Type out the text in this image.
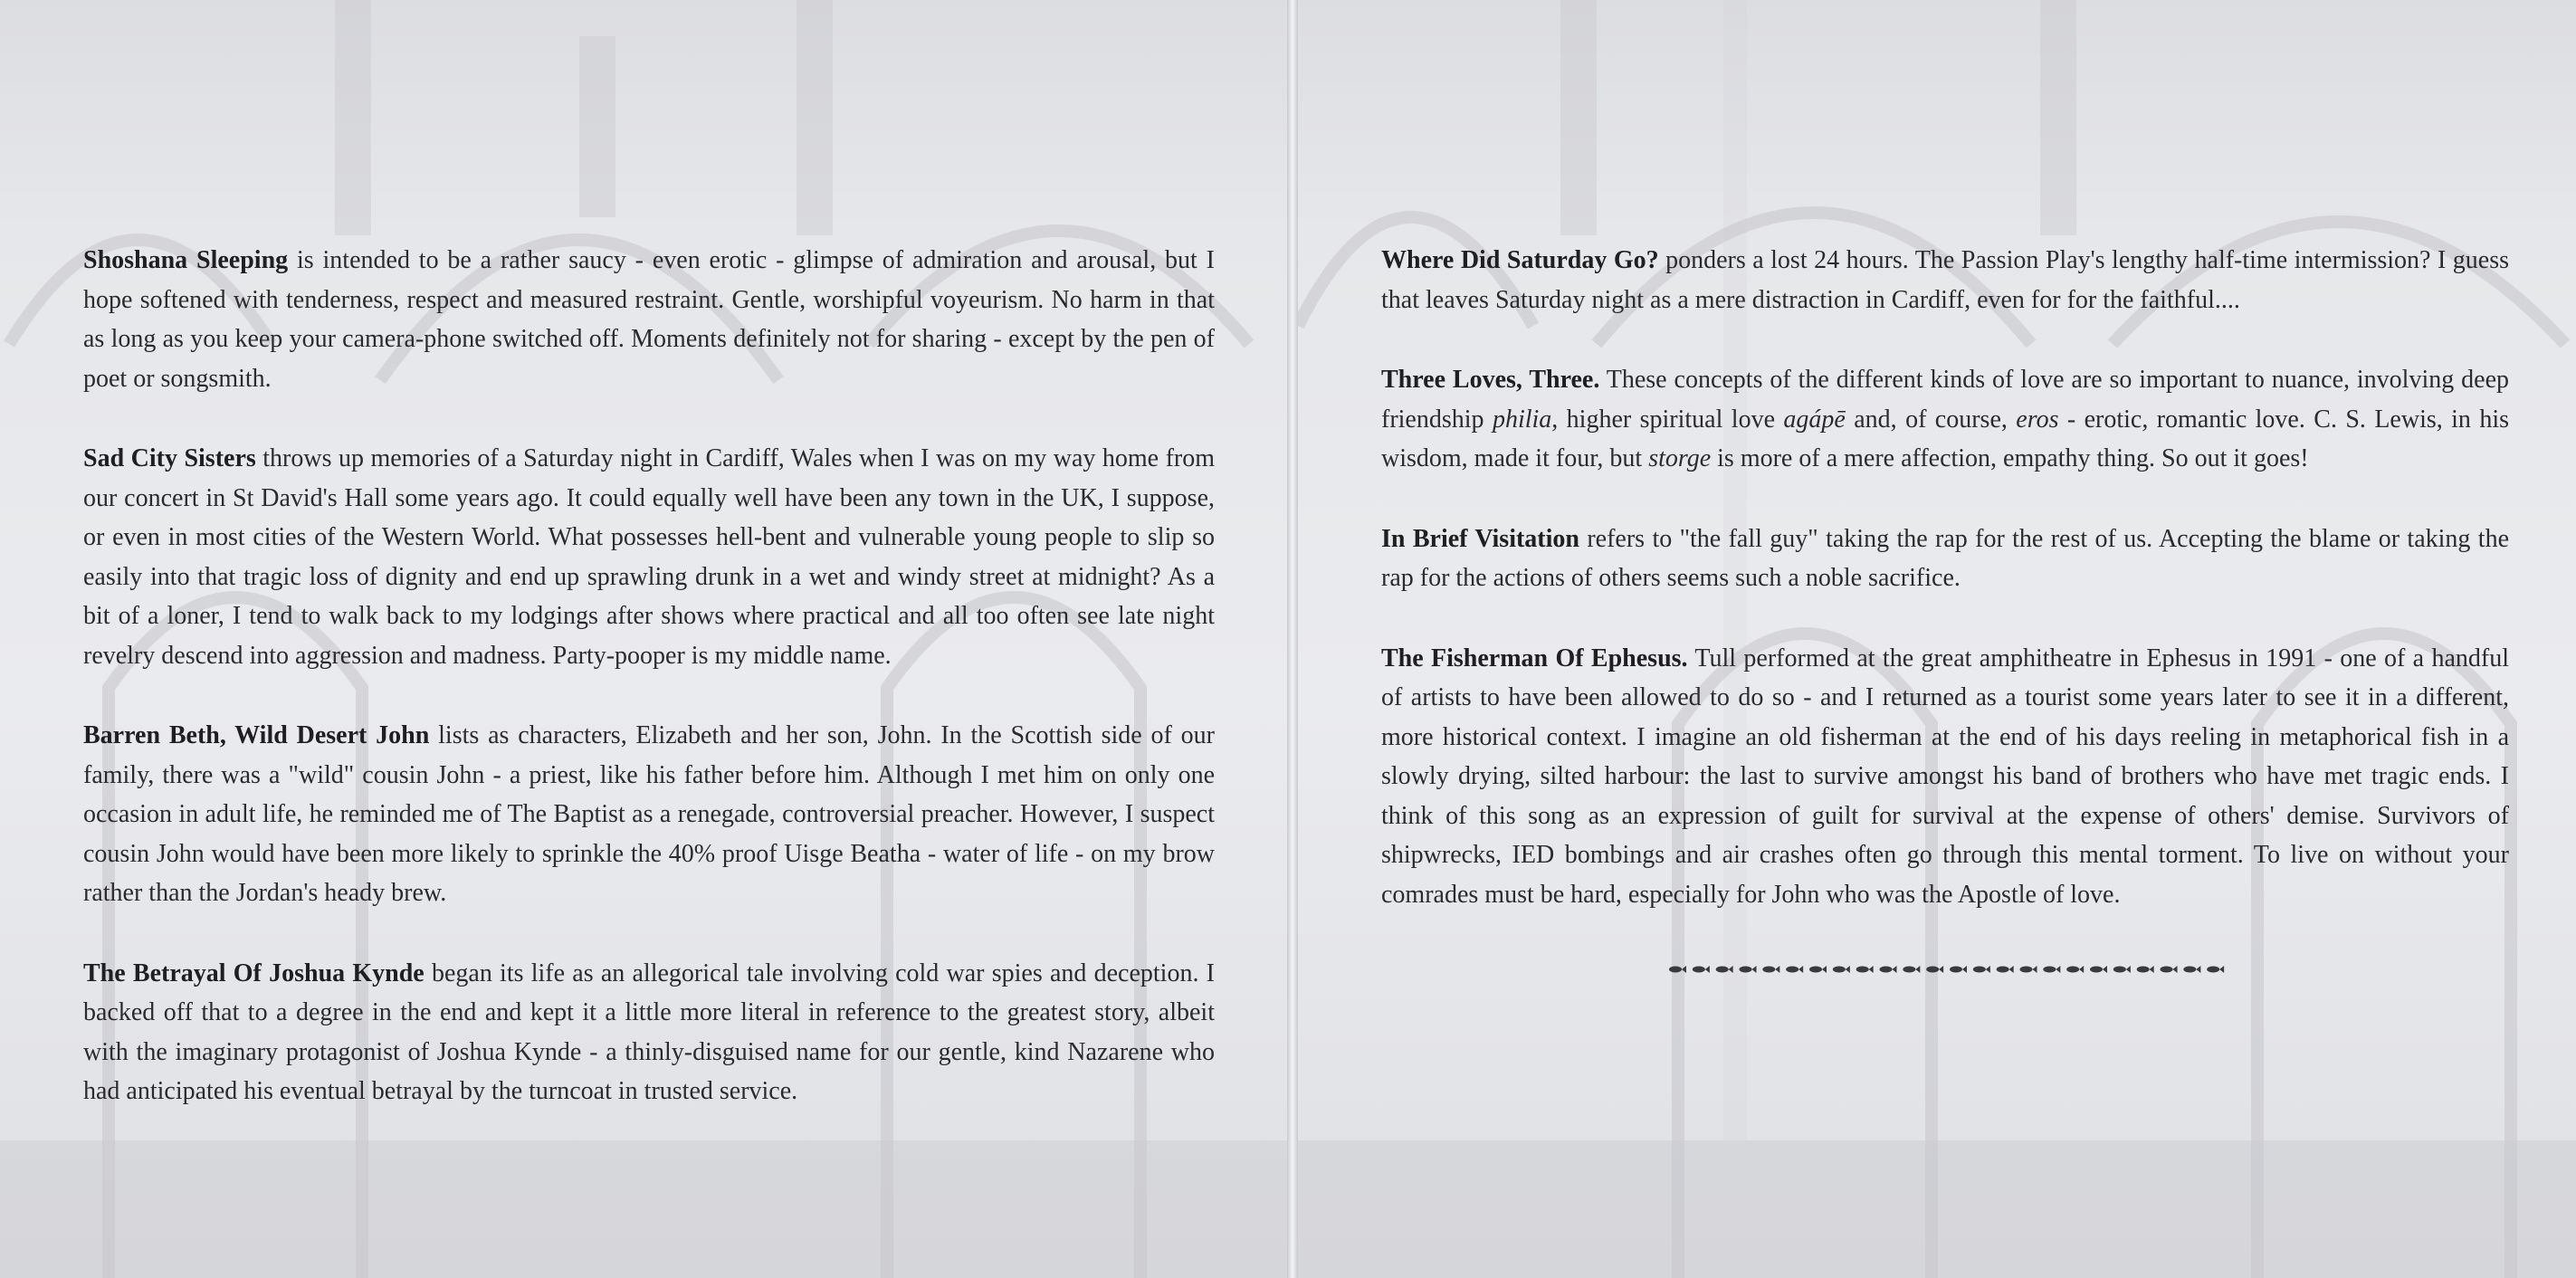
Shoshana Sleeping is intended to be a rather saucy - even erotic - glimpse of admiration and arousal, but I hope softened with tenderness, respect and measured restraint. Gentle, worshipful voyeurism. No harm in that as long as you keep your camera-phone switched off. Moments definitely not for sharing - except by the pen of poet or songsmith.

Sad City Sisters throws up memories of a Saturday night in Cardiff, Wales when I was on my way home from our concert in St David's Hall some years ago. It could equally well have been any town in the UK, I suppose, or even in most cities of the Western World. What possesses hell-bent and vulnerable young people to slip so easily into that tragic loss of dignity and end up sprawling drunk in a wet and windy street at midnight? As a bit of a loner, I tend to walk back to my lodgings after shows where practical and all too often see late night revelry descend into aggression and madness. Party-pooper is my middle name.

Barren Beth, Wild Desert John lists as characters, Elizabeth and her son, John. In the Scottish side of our family, there was a "wild" cousin John - a priest, like his father before him. Although I met him on only one occasion in adult life, he reminded me of The Baptist as a renegade, controversial preacher. However, I suspect cousin John would have been more likely to sprinkle the 40% proof Uisge Beatha - water of life - on my brow rather than the Jordan's heady brew.

The Betrayal Of Joshua Kynde began its life as an allegorical tale involving cold war spies and deception. I backed off that to a degree in the end and kept it a little more literal in reference to the greatest story, albeit with the imaginary protagonist of Joshua Kynde - a thinly-disguised name for our gentle, kind Nazarene who had anticipated his eventual betrayal by the turncoat in trusted service.

Where Did Saturday Go? ponders a lost 24 hours. The Passion Play's lengthy half-time intermission? I guess that leaves Saturday night as a mere distraction in Cardiff, even for for the faithful....

Three Loves, Three. These concepts of the different kinds of love are so important to nuance, involving deep friendship philia, higher spiritual love agápē and, of course, eros - erotic, romantic love. C. S. Lewis, in his wisdom, made it four, but storge is more of a mere affection, empathy thing. So out it goes!

In Brief Visitation refers to "the fall guy" taking the rap for the rest of us. Accepting the blame or taking the rap for the actions of others seems such a noble sacrifice.

The Fisherman Of Ephesus. Tull performed at the great amphitheatre in Ephesus in 1991 - one of a handful of artists to have been allowed to do so - and I returned as a tourist some years later to see it in a different, more historical context. I imagine an old fisherman at the end of his days reeling in metaphorical fish in a slowly drying, silted harbour: the last to survive amongst his band of brothers who have met tragic ends. I think of this song as an expression of guilt for survival at the expense of others' demise. Survivors of shipwrecks, IED bombings and air crashes often go through this mental torment. To live on without your comrades must be hard, especially for John who was the Apostle of love.
